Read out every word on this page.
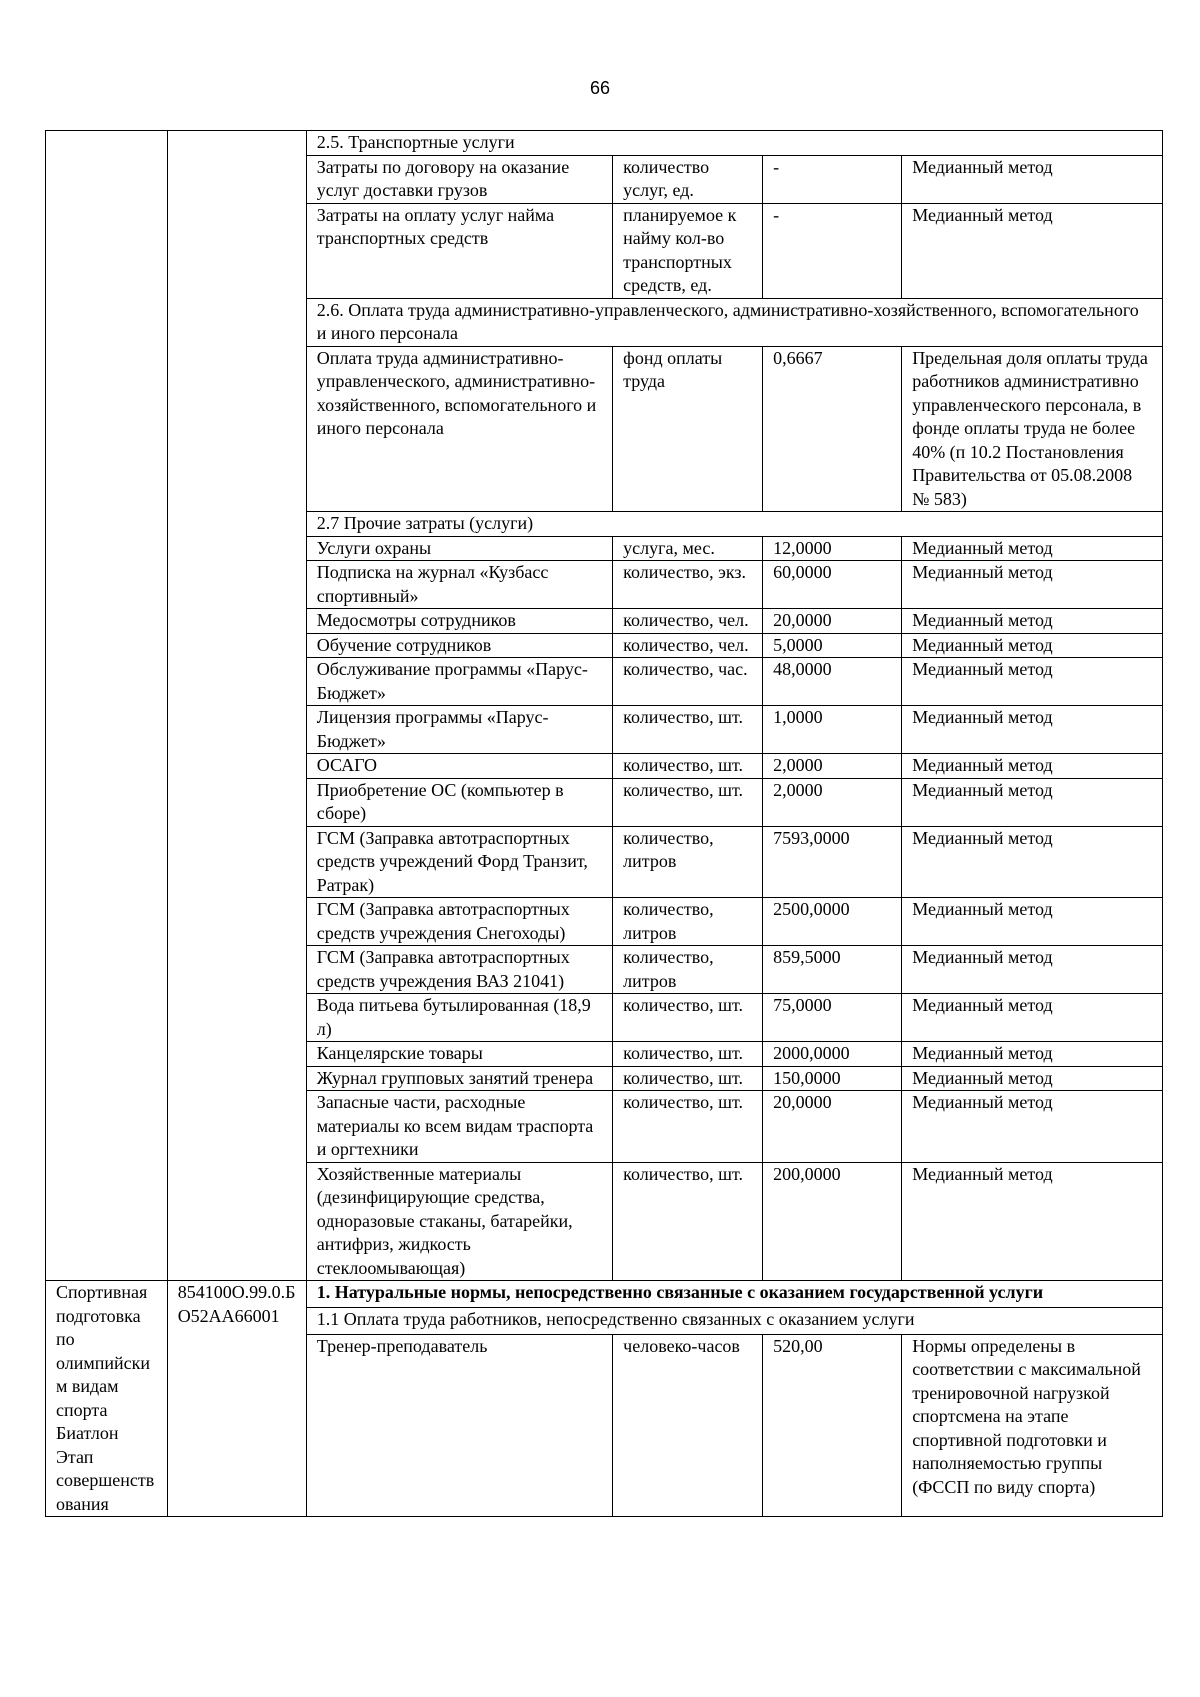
66
		2.5. Транспортные услуги			
		Затраты по договору на оказание услуг доставки грузов	количество услуг, ед.	-	Медианный метод
		Затраты на оплату услуг найма транспортных средств	планируемое к найму кол-во транспортных средств, ед.	-	Медианный метод
		2.6. Оплата труда административно-управленческого, административно-хозяйственного, вспомогательного и иного персонала			
		Оплата труда административно-управленческого, административно-хозяйственного, вспомогательного и иного персонала	фонд оплаты труда	0,6667	Предельная доля оплаты труда работников административно управленческого персонала, в фонде оплаты труда не более 40% (п 10.2 Постановления Правительства от 05.08.2008 № 583)
		2.7 Прочие затраты (услуги)			
		Услуги охраны	услуга, мес.	12,0000	Медианный метод
		Подписка на журнал «Кузбасс спортивный»	количество, экз.	60,0000	Медианный метод
		Медосмотры сотрудников	количество, чел.	20,0000	Медианный метод
		Обучение сотрудников	количество, чел.	5,0000	Медианный метод
		Обслуживание программы «Парус-Бюджет»	количество, час.	48,0000	Медианный метод
		Лицензия программы «Парус-Бюджет»	количество, шт.	1,0000	Медианный метод
		ОСАГО	количество, шт.	2,0000	Медианный метод
		Приобретение ОС (компьютер в сборе)	количество, шт.	2,0000	Медианный метод
		ГСМ (Заправка автотраспортных средств учреждений Форд Транзит, Ратрак)	количество, литров	7593,0000	Медианный метод
		ГСМ (Заправка автотраспортных средств учреждения Снегоходы)	количество, литров	2500,0000	Медианный метод
		ГСМ (Заправка автотраспортных средств учреждения ВАЗ 21041)	количество, литров	859,5000	Медианный метод
		Вода питьева бутылированная (18,9 л)	количество, шт.	75,0000	Медианный метод
		Канцелярские товары	количество, шт.	2000,0000	Медианный метод
		Журнал групповых занятий тренера	количество, шт.	150,0000	Медианный метод
		Запасные части, расходные материалы ко всем видам траспорта и оргтехники	количество, шт.	20,0000	Медианный метод
		Хозяйственные материалы (дезинфицирующие средства, одноразовые стаканы, батарейки, антифриз, жидкость стеклоомывающая)	количество, шт.	200,0000	Медианный метод
Спортивная подготовка по олимпийским видам спорта Биатлон Этап совершенствования	854100О.99.0.БО52АА66001	1. Натуральные нормы, непосредственно связанные с оказанием государственной услуги			
		1.1 Оплата труда работников, непосредственно связанных с оказанием услуги			
		Тренер-преподаватель	человеко-часов	520,00	Нормы определены в соответствии с максимальной тренировочной нагрузкой спортсмена на этапе спортивной подготовки и наполняемостью группы (ФССП по виду спорта)
